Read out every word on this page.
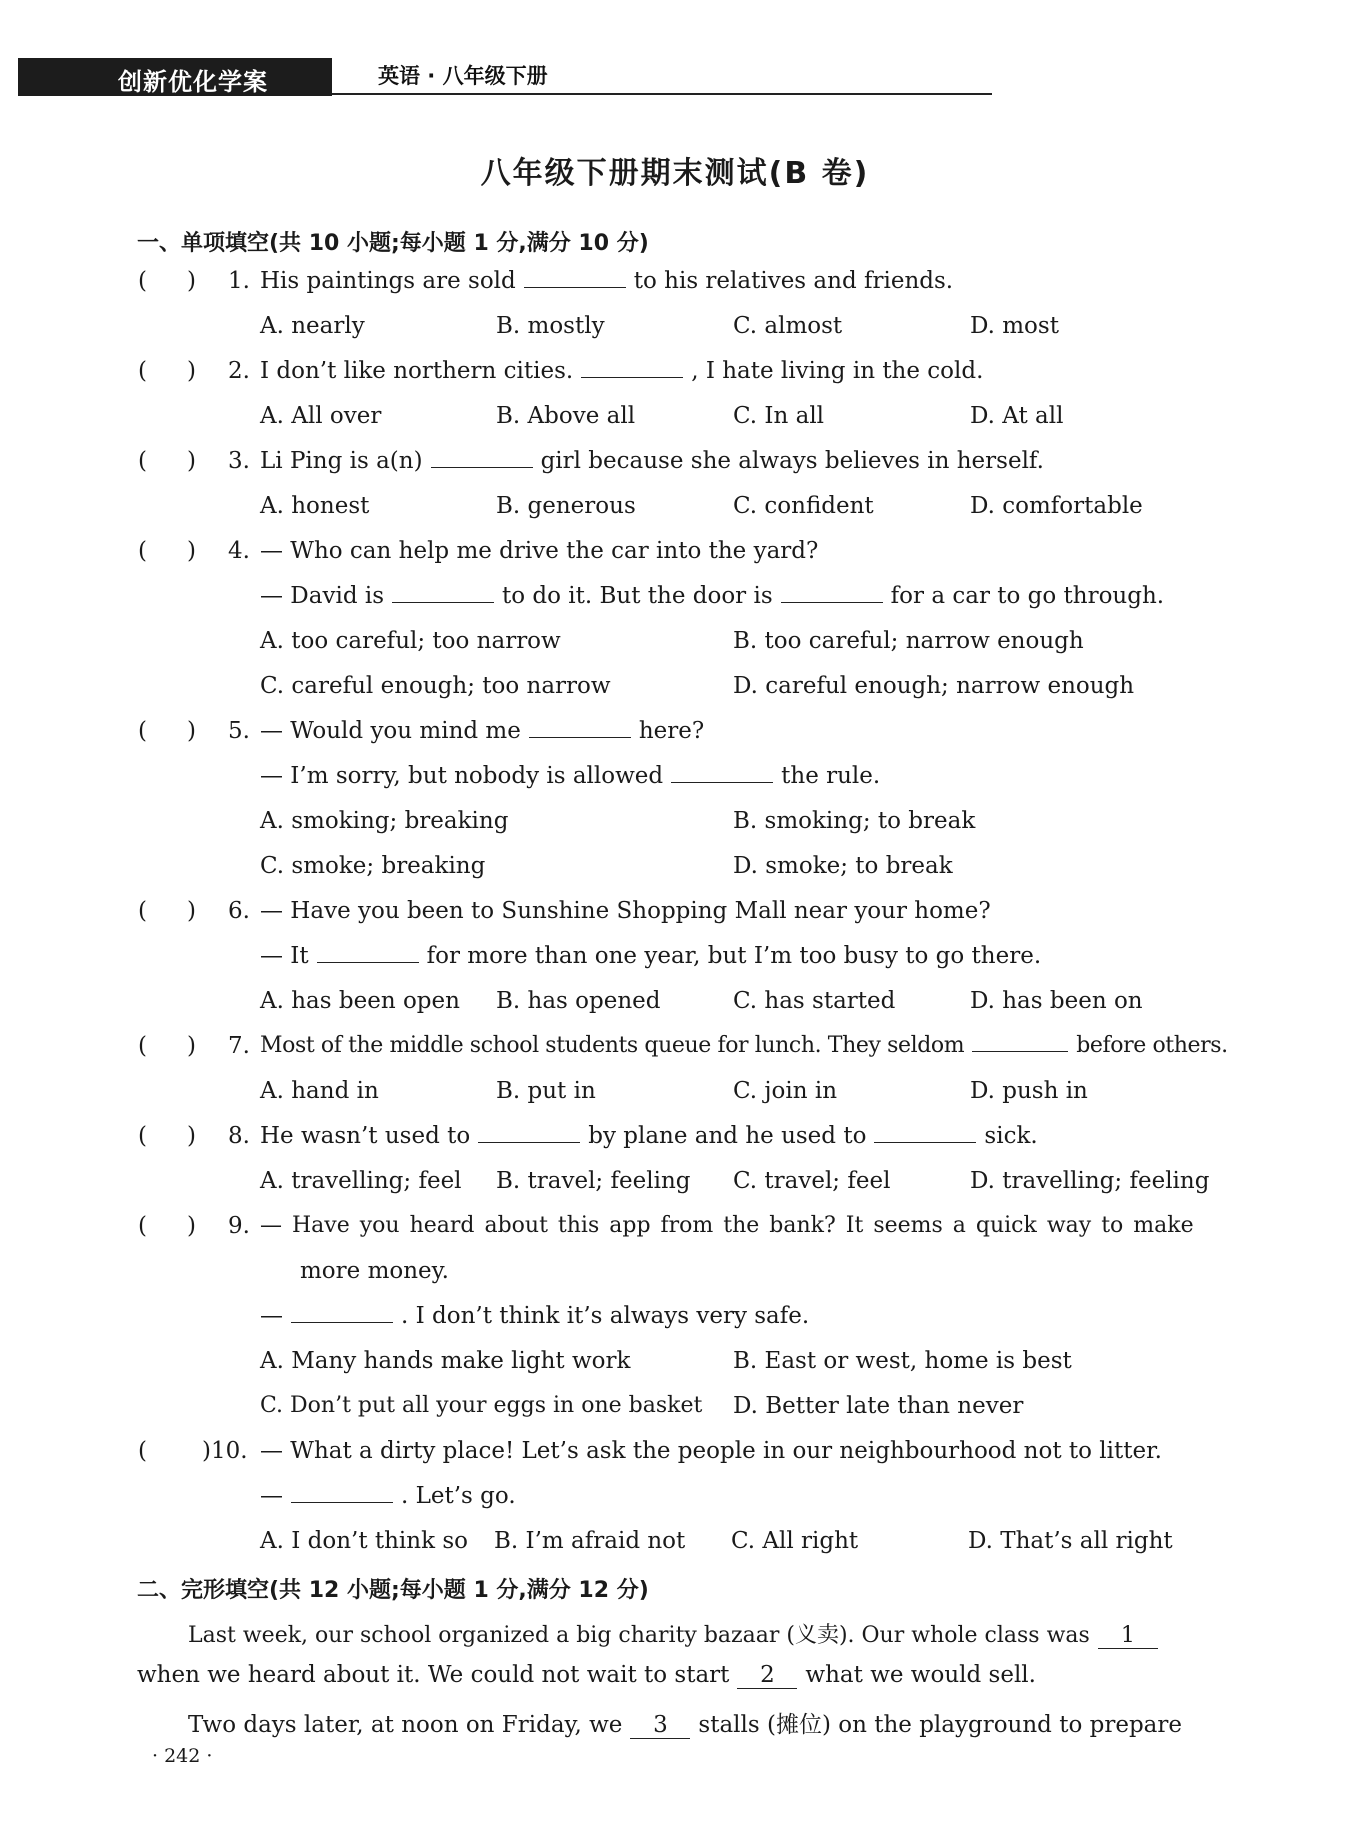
创新优化学案	英语 · 八年级下册
八年级下册期末测试(B 卷)
一、单项填空(共 10 小题;每小题 1 分,满分 10 分)
( ) 1. His paintings are sold	to his relatives and friends.
A. nearly	B. mostly	C. almost	D. most
( ) 2. I don’t like northern cities.	, I hate living in the cold.
A. All over	B. Above all	C. In all	D. At all
( ) 3. Li Ping is a(n)	girl because she always believes in herself.
A. honest	B. generous	C. confident	D. comfortable
( ) 4. — Who can help me drive the car into the yard?
— David is	to do it. But the door is	for a car to go through.
A. too careful; too narrow	B. too careful; narrow enough
C. careful enough; too narrow	D. careful enough; narrow enough
( ) 5. — Would you mind me	here?
— I’m sorry, but nobody is allowed	the rule.
A. smoking; breaking	B. smoking; to break
C. smoke; breaking	D. smoke; to break
( ) 6. — Have you been to Sunshine Shopping Mall near your home?
— It	for more than one year, but I’m too busy to go there.
A. has been open B. has opened	C. has started	D. has been on
( ) 7. Most of the middle school students queue for lunch. They seldom	before others.
A. hand in	B. put in	C. join in	D. push in
( ) 8. He wasn’t used to	by plane and he used to	sick.
A. travelling; feel B. travel; feeling C. travel; feel	D. travelling; feeling
( ) 9. — Have you heard about this app from the bank? It seems a quick way to make
more money.
—	. I don’t think it’s always very safe.
A. Many hands make light work	B. East or west, home is best
C. Don’t put all your eggs in one basket D. Better late than never
( )10. — What a dirty place! Let’s ask the people in our neighbourhood not to litter.
—	. Let’s go.
A. I don’t think so B. I’m afraid not C. All right	D. That’s all right
二、完形填空(共 12 小题;每小题 1 分,满分 12 分)
Last week, our school organized a big charity bazaar (义卖). Our whole class was 1
when we heard about it. We could not wait to start 2 what we would sell.
Two days later, at noon on Friday, we 3 stalls (摊位) on the playground to prepare
· 242 ·
